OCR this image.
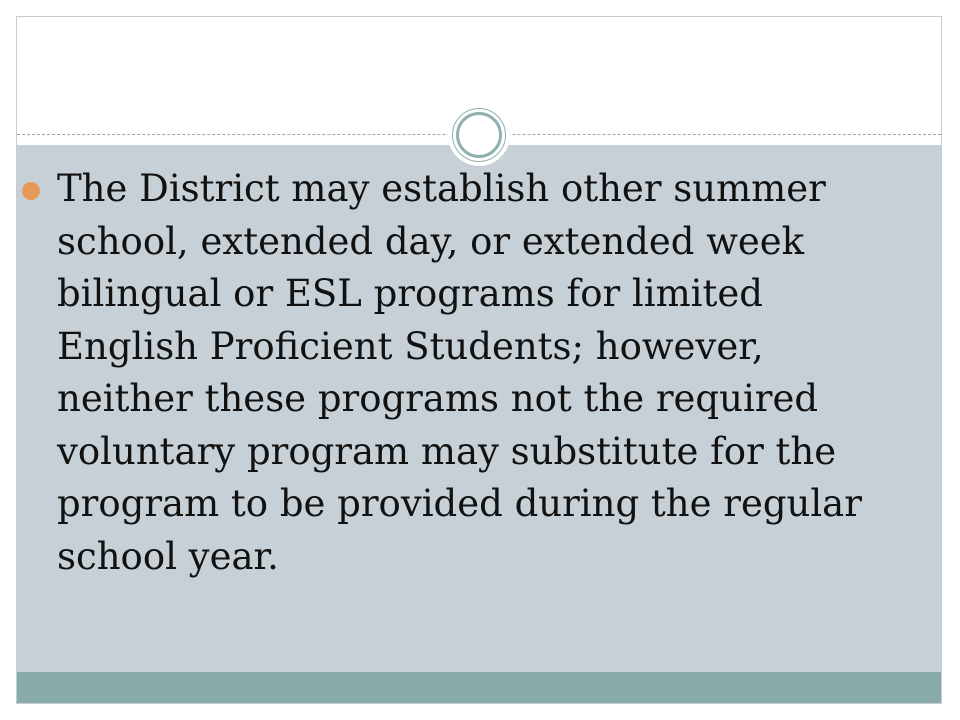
The District may establish other summer
school, extended day, or extended week
bilingual or ESL programs for limited
English Proficient Students; however,
neither these programs not the required
voluntary program may substitute for the
program to be provided during the regular
school year.
